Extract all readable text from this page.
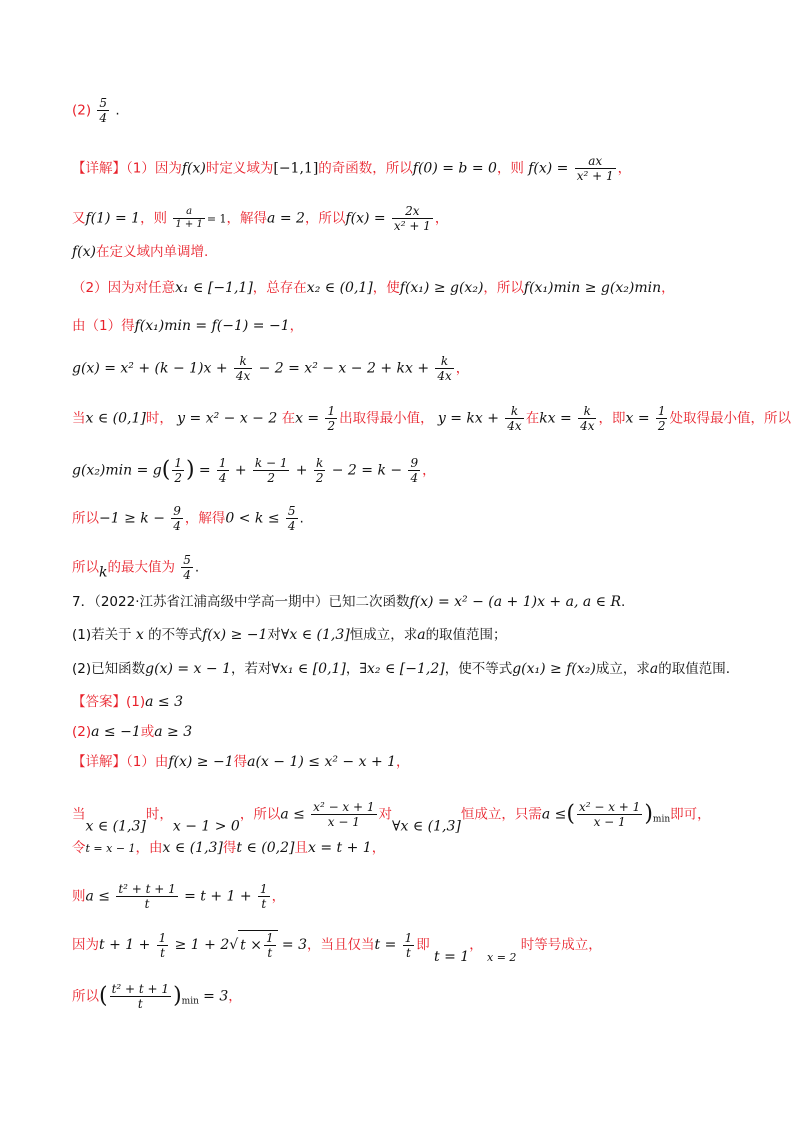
$(2) \frac{5}{4}$ .
【详解】（1）因为f(x)时定义域为[−1,1]的奇函数，所以f(0) = b = 0，则 $f(x) = \frac{ax}{\text{x² + 1}}$ ，
又f(1) = 1，则 $\frac{a}{1 + 1} = 1$，解得a = 2，所以$f(x) = \frac{2x}{\text{x² + 1}}$ ，
f(x)在定义域内单调增.
（2）因为对任意x₁ ∈ [−1,1]，总存在x₂ ∈ (0,1]，使f(x₁) ≥ g(x₂)，所以f(x₁)min ≥ g(x₂)min，
由（1）得f(x₁)min = f(−1) = −1，
$g(x) = x^2 + (k - 1)x + \frac{k}{4x} - 2 = x^2 - x - 2$ + kx + $\frac{k}{4x}$ ，
当x ∈ (0,1]时， y = x² − x − 2 在$x = \frac{1}{2}$ 出取得最小值， y = kx + $\frac{k}{4x}$ 在kx = $\frac{k}{4x}$ ，即$x = \frac{1}{2}$ 处取得最小值，所以
$g(x_2)\min = g( \frac{1}{2}$ ) = $\frac{1}{4} + \frac{k - 1}{2} + \frac{k}{2} - 2 = k - \frac{9}{4}$ ，
所以$-1 \ge k - \frac{9}{4}$ ，解得$0 < k \le \frac{5}{4}$ .
所以k的最大值为 $\frac{5}{4}$ .
7．（2022·江苏省江浦高级中学高一期中）已知二次函数f(x) = x² − (a + 1)x + a, a ∈ R.
(1)若关于 x 的不等式f(x) ≥ −1对∀x ∈ (1,3]恒成立，求a的取值范围；
(2)已知函数g(x) = x − 1，若对∀x₁ ∈ [0,1]，∃x₂ ∈ [−1,2]，使不等式g(x₁) ≥ f(x₂)成立，求a的取值范围.
【答案】(1)a ≤ 3
(2)a ≤ −1或a ≥ 3
【详解】（1）由f(x) ≥ −1得a(x − 1) ≤ x² − x + 1，
当x ∈ (1,3]时，x − 1 > 0，所以$a \le \frac{\text{x² − x + 1}}{x - 1}$ 对∀x ∈ (1,3]恒成立，只需a ≤( $\frac{\text{x² − x + 1}}{x - 1} )_{min}$即可，
令t = x − 1，由x ∈ (1,3]得t ∈ (0,2]且x = t + 1，
则$a \le \frac{\text{t² + t + 1}}{t} = t + 1 + \frac{1}{t}$ ，
因为$t + 1 + \frac{1}{t} \ge 1 + 2√$ $t \times \frac{1}{t} = 3$，当且仅当$t = \frac{1}{t}$ 即 t = 1， $_{x = 2}$ 时等号成立，
所以( $\frac{\text{t² + t + 1}}{t} )_{min} = 3$，
